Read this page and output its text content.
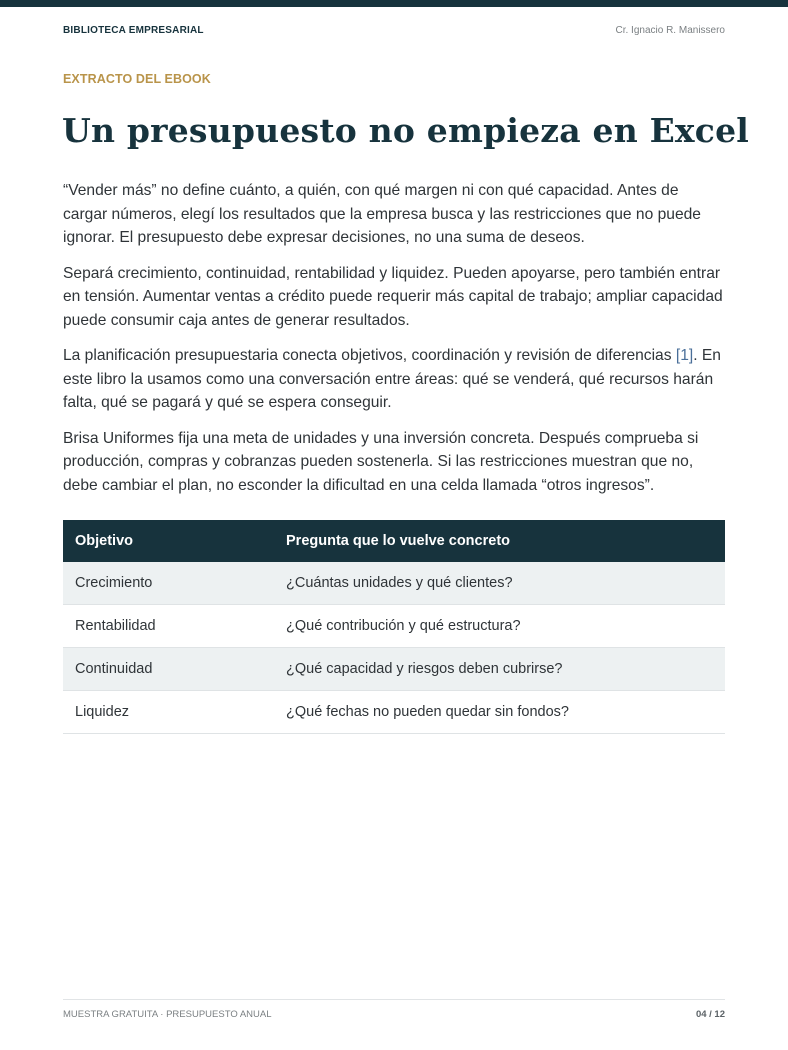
BIBLIOTECA EMPRESARIAL	Cr. Ignacio R. Manissero
EXTRACTO DEL EBOOK
Un presupuesto no empieza en Excel

“Vender más” no define cuánto, a quién, con qué margen ni con qué capacidad. Antes de cargar números, elegí los resultados que la empresa busca y las restricciones que no puede ignorar. El presupuesto debe expresar decisiones, no una suma de deseos.

Separá crecimiento, continuidad, rentabilidad y liquidez. Pueden apoyarse, pero también entrar en tensión. Aumentar ventas a crédito puede requerir más capital de trabajo; ampliar capacidad puede consumir caja antes de generar resultados.

La planificación presupuestaria conecta objetivos, coordinación y revisión de diferencias [1]. En este libro la usamos como una conversación entre áreas: qué se venderá, qué recursos harán falta, qué se pagará y qué se espera conseguir.

Brisa Uniformes fija una meta de unidades y una inversión concreta. Después comprueba si producción, compras y cobranzas pueden sostenerla. Si las restricciones muestran que no, debe cambiar el plan, no esconder la dificultad en una celda llamada “otros ingresos”.

Objetivo	Pregunta que lo vuelve concreto
Crecimiento	¿Cuántas unidades y qué clientes?
Rentabilidad	¿Qué contribución y qué estructura?
Continuidad	¿Qué capacidad y riesgos deben cubrirse?
Liquidez	¿Qué fechas no pueden quedar sin fondos?
MUESTRA GRATUITA · PRESUPUESTO ANUAL	04 / 12
